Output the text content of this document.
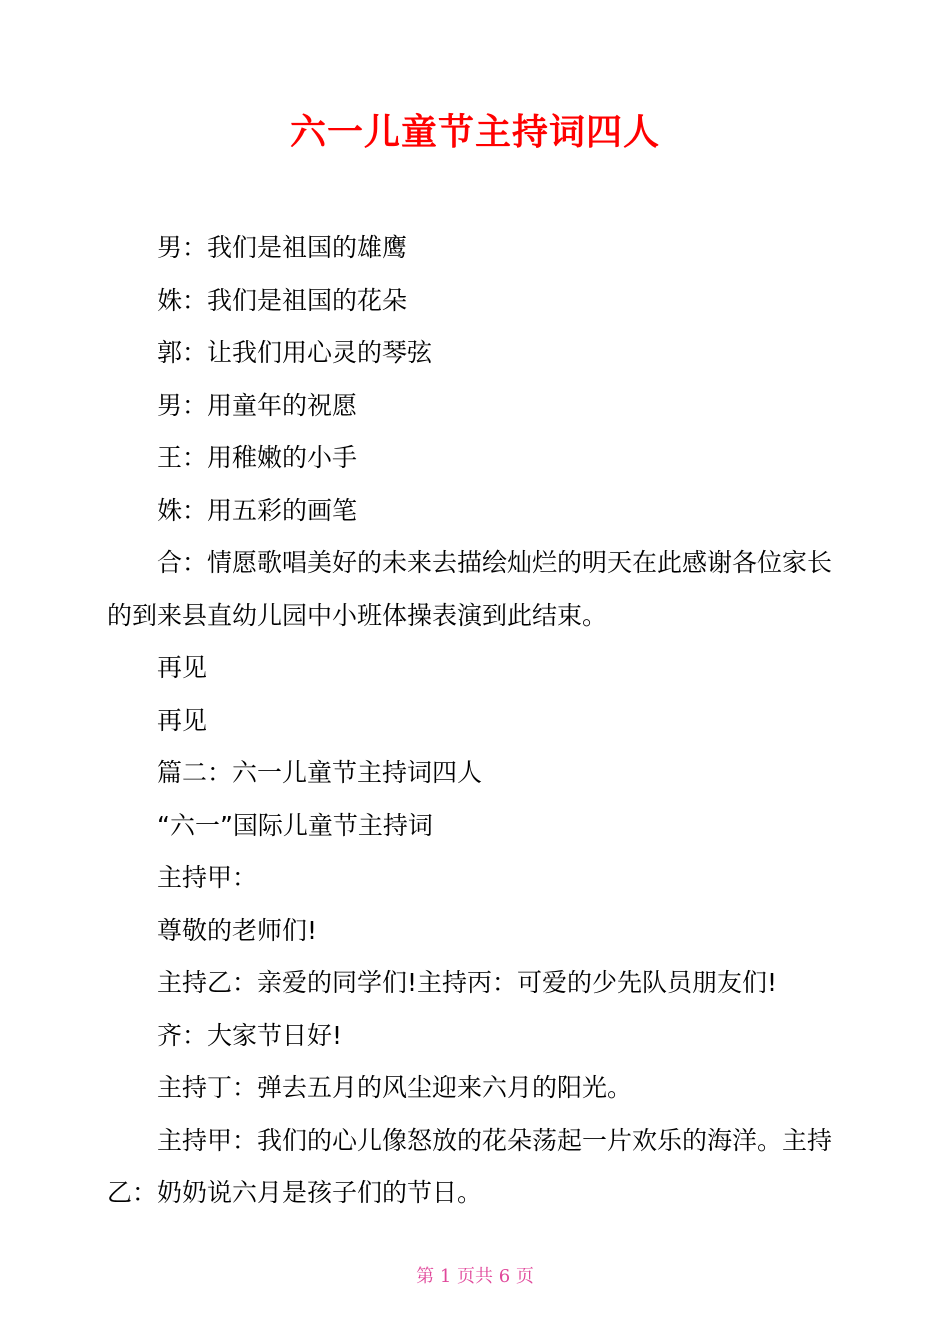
六一儿童节主持词四人

男：我们是祖国的雄鹰

姝：我们是祖国的花朵

郭：让我们用心灵的琴弦

男：用童年的祝愿

王：用稚嫩的小手

姝：用五彩的画笔

合：情愿歌唱美好的未来去描绘灿烂的明天在此感谢各位家长的到来县直幼儿园中小班体操表演到此结束。

再见

再见

篇二：六一儿童节主持词四人

“六一”国际儿童节主持词

主持甲：

尊敬的老师们!

主持乙：亲爱的同学们!主持丙：可爱的少先队员朋友们!

齐：大家节日好!

主持丁：弹去五月的风尘迎来六月的阳光。

主持甲：我们的心儿像怒放的花朵荡起一片欢乐的海洋。主持乙：奶奶说六月是孩子们的节日。

第 1 页共 6 页
